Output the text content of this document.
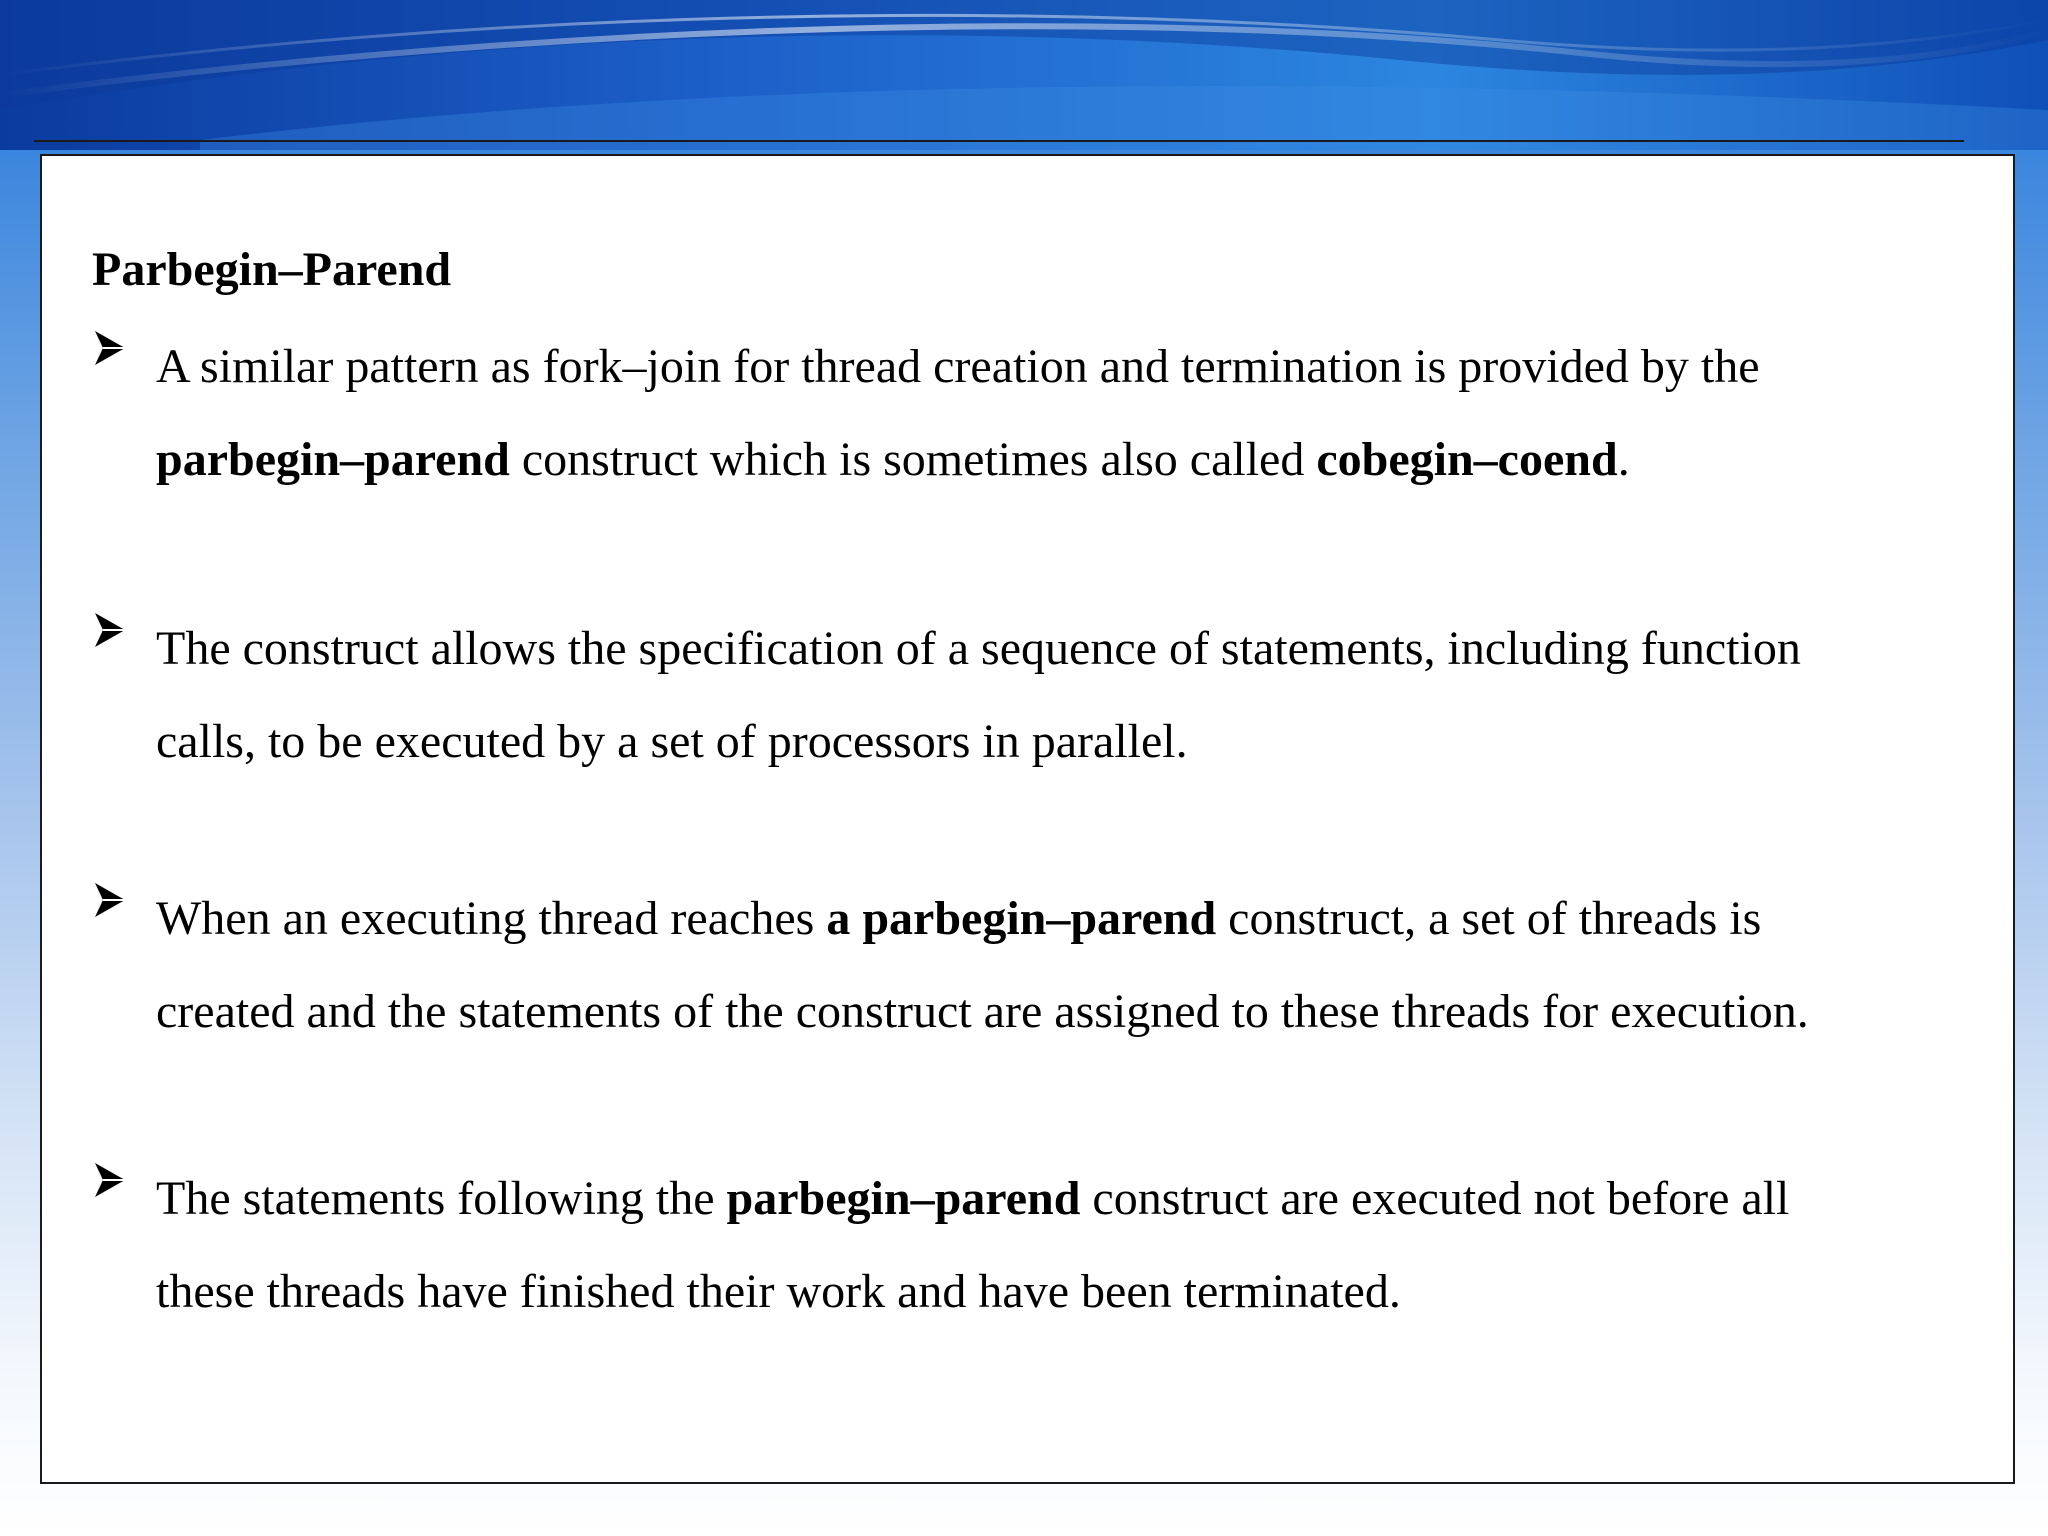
Parbegin–Parend
A similar pattern as fork–join for thread creation and termination is provided by the
parbegin–parend construct which is sometimes also called cobegin–coend.
The construct allows the specification of a sequence of statements, including function
calls, to be executed by a set of processors in parallel.
When an executing thread reaches a parbegin–parend construct, a set of threads is
created and the statements of the construct are assigned to these threads for execution.
The statements following the parbegin–parend construct are executed not before all
these threads have finished their work and have been terminated.
